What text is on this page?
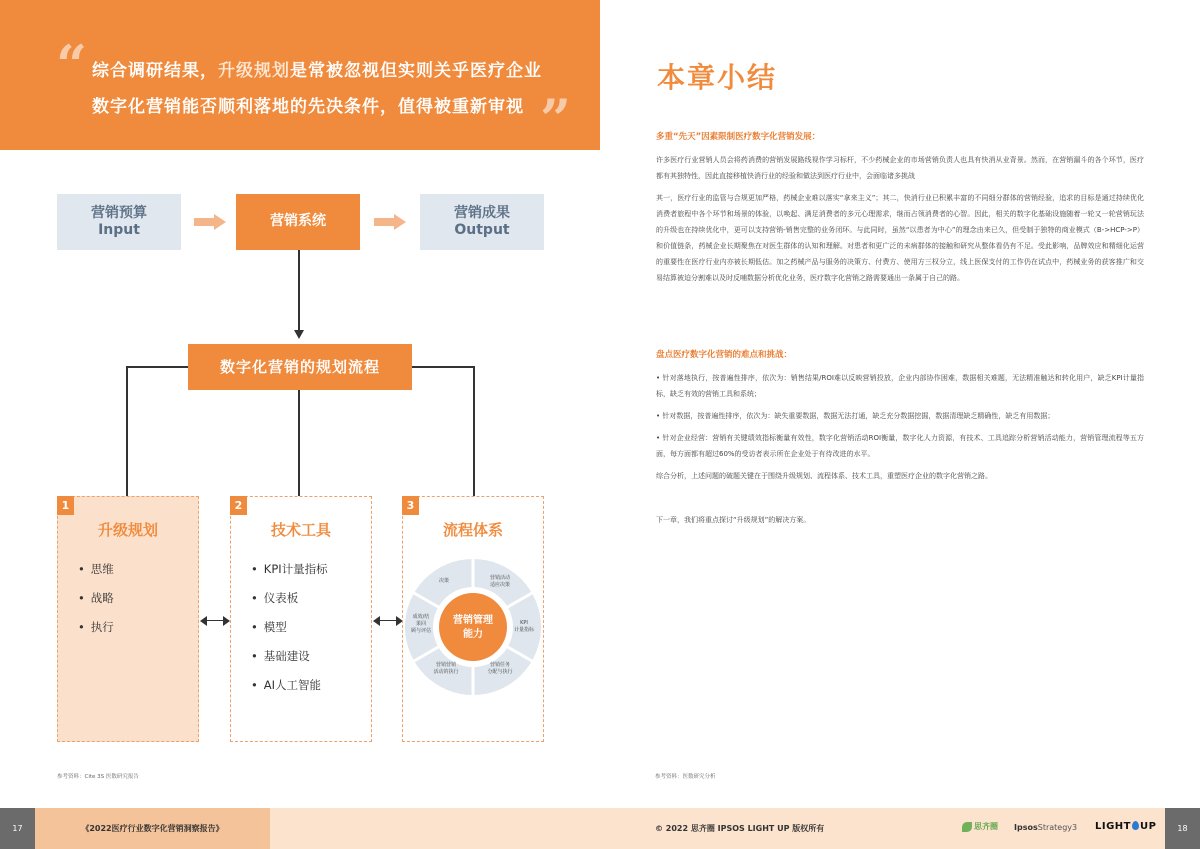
“ 综合调研结果，升级规划是常被忽视但实则关乎医疗企业
数字化营销能否顺利落地的先决条件，值得被重新审视 ”
营销预算
Input
营销系统
营销成果
Output
数字化营销的规划流程
1
升级规划
• 思维
• 战略
• 执行
2
技术工具
• KPI计量指标
• 仪表板
• 模型
• 基础建设
• AI人工智能
3
流程体系
营销管理
能力
决策	营销活动
适应决策
KPI
计量指标
营销任务
分配与执行
营销营销
活动的执行
成效/结
果回
顾与评估
参考资料：Cite 3S 医数研究报告
本章小结
多重“先天”因素限制医疗数字化营销发展：
许多医疗行业营销人员会将药消费的营销发展路线视作学习标杆，不少药械企业的市场营销负责人也具有快消从业背景。然而，在营销漏斗的各个环节，医疗都有其独特性，因此直接移植快消行业的经验和做法到医疗行业中，会面临诸多挑战
其一，医疗行业的监管与合规更加严格，药械企业难以落实“拿来主义”；其二，快消行业已积累丰富的不同细分群体的营销经验，追求的目标是通过持续优化消费者旅程中各个环节和场景的体验，以唤起、满足消费者的多元心理需求，继而占领消费者的心智。因此，相关的数字化基础设施随着一轮又一轮营销玩法的升级也在持续优化中，更可以支持营销-销售完整的业务闭环。与此同时，虽然“以患者为中心”的理念由来已久，但受制于独特的商业模式（B->HCP->P）和价值链条，药械企业长期聚焦在对医生群体的认知和理解。对患者和更广泛的未病群体的接触和研究从整体看仍有不足。受此影响，品牌效应和精细化运营的重要性在医疗行业内亦被长期低估。加之药械产品与服务的决策方、付费方、使用方三权分立，线上医保支付的工作仍在试点中，药械业务的获客推广和交易结算被迫分割难以及时反哺数据分析优化业务，医疗数字化营销之路需要通出一条属于自己的路。
盘点医疗数字化营销的难点和挑战：
• 针对落地执行，按普遍性排序，依次为：销售结果/ROI难以反映营销投放，企业内部协作困难，数据相关难题，无法精准触达和转化用户，缺乏KPI计量指标，缺乏有效的营销工具和系统；
• 针对数据，按普遍性排序，依次为：缺失重要数据，数据无法打通，缺乏充分数据挖掘，数据清理缺乏精确性，缺乏有用数据；
• 针对企业经营：营销有关键绩效指标衡量有效性，数字化营销活动ROI衡量，数字化人力资源，有技术、工具追踪分析营销活动能力，营销管理流程等五方面，每方面都有超过60%的受访者表示所在企业处于有待改进的水平。
综合分析，上述问题的破题关键在于围绕升级规划、流程体系、技术工具，重塑医疗企业的数字化营销之路。
下一章，我们将重点探讨“升级规划”的解决方案。
参考资料：医数研究分析
17	《2022医疗行业数字化营销洞察报告》	© 2022 思齐圈 IPSOS LIGHT UP 版权所有	思齐圈 IpsosStrategy3 LIGHT UP	18
